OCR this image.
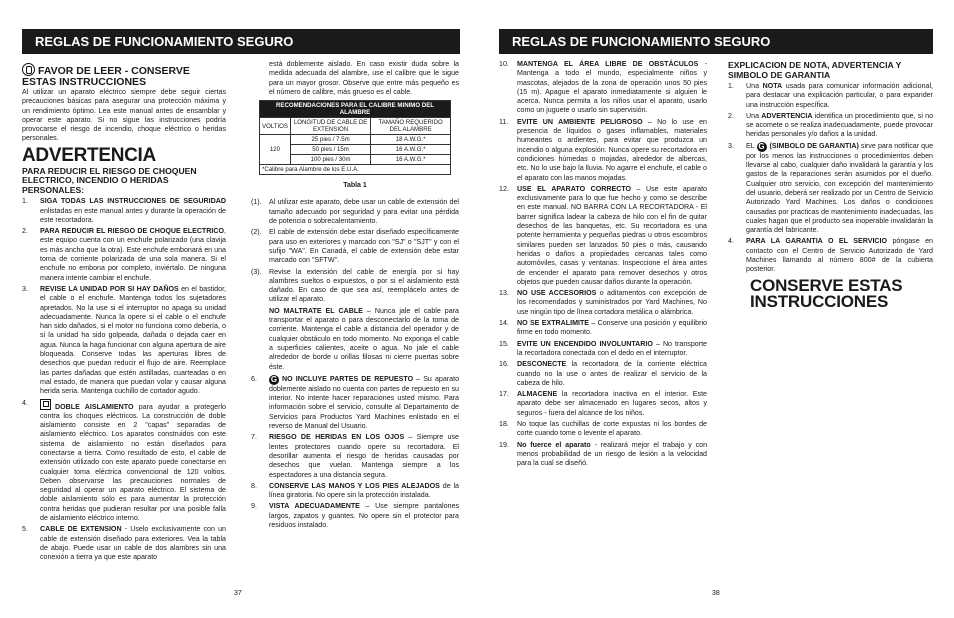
REGLAS DE FUNCIONAMIENTO SEGURO
FAVOR DE LEER - CONSERVE ESTAS INSTRUCCIONES

Al utilizar un aparato eléctrico siempre debe seguir ciertas precauciones básicas para asegurar una protección máxima y un rendimiento óptimo. Lea este manual antes de ensamblar y operar este aparato. Si no sigue las instrucciones podría provocarse el riesgo de incendio, choque eléctrico o heridas personales.

ADVERTENCIA
PARA REDUCIR EL RIESGO DE CHOQUEN ELECTRICO, INCENDIO O HERIDAS PERSONALES:
1.	SIGA TODAS LAS INSTRUCCIONES DE SEGURIDAD enlistadas en este manual antes y durante la operación de este recortadora.
2.	PARA REDUCIR EL RIESGO DE CHOQUE ELECTRICO, este equipo cuenta con un enchufe polarizado (una clavija es más ancha que la otra). Este enchufe embonará en una toma de corriente polarizada de una sola manera. Si el enchufe no embona por completo, inviértalo. De ninguna manera intente cambiar el enchufe.
3.	REVISE LA UNIDAD POR SI HAY DAÑOS en el bastidor, el cable o el enchufe. Mantenga todos los sujetadores apretados. No la use si el interruptor no apaga su unidad adecuadamente. Nunca la opere si el cable o el enchufe han sido dañados, si el motor no funciona como debería, o si la unidad ha sido golpeada, dañada o dejada caer en agua. Nunca la haga funcionar con alguna apertura de aire bloqueada. Conserve todas las aperturas libres de desechos que puedan reducir el flujo de aire. Reemplace las partes dañadas que estén astilladas, cuarteadas o en mal estado, de manera que puedan volar y causar alguna herida seria. Mantenga cuchillo de cortador agudo.
4.	DOBLE AISLAMIENTO para ayudar a protegerlo contra los choques eléctricos. La construcción de doble aislamiento consiste en 2 "capas" separadas de aislamiento eléctrico. Los aparatos construidos con este sistema de aislamiento no están diseñados para conectarse a tierra. Como resultado de esto, el cable de extensión utilizado con este aparato puede conectarse en cualquier toma eléctrica convencional de 120 voltios. Deben observarse las precauciones normales de seguridad al operar un aparato eléctrico. El sistema de doble aislamiento sólo es para aumentar la protección contra heridas que pudieran resultar por una posible falla de aislamiento eléctrico interno.
5.	CABLE DE EXTENSION - Uselo exclusivamente con un cable de extensión diseñado para exteriores. Vea la tabla de abajo. Puede usar un cable de dos alambres sin una conexión a tierra ya que este aparato

está doblemente aislado. En caso existir duda sobre la medida adecuada del alambre, use el calibre que le sigue para un mayor grosor. Observe que entre más pequeño es el número de calibre, más grueso es el cable.

RECOMENDACIONES PARA EL CALIBRE MINIMO DEL ALAMBRE		
VOLTIOS	LONGITUD DE CABLE DE EXTENSION	TAMAÑO REQUERIDO DEL ALAMBRE
120	25 pies / 7.5m	18 A.W.G.*
	50 pies / 15m	16 A.W.G.*
	100 pies / 30m	16 A.W.G.*
*Calibre para Alambre de los E.U.A.		
Tabla 1
(1).	Al utilizar este aparato, debe usar un cable de extensión del tamaño adecuado por seguridad y para evitar una pérdida de potencia o sobrecalentamiento.
(2).	El cable de extensión debe estar diseñado específicamente para uso en exteriores y marcado con "SJ" o "SJT" y con el sufijo "WA". En Canadá, el cable de extensión debe estar marcado con "SFTW".
(3).	Revise la extensión del cable de energía por si hay alambres sueltos o expuestos, o por si el aislamiento está dañado. En caso de que sea así, reemplácelo antes de utilizar el aparato.

NO MALTRATE EL CABLE – Nunca jale el cable para transportar el aparato o para desconectarlo de la toma de corriente. Mantenga el cable a distancia del operador y de cualquier obstáculo en todo momento. No exponga el cable a superficies calientes, aceite o agua. No jale el cable alrededor de borde u orillas filosas ni cierre puertas sobre éste.

6.	G NO INCLUYE PARTES DE REPUESTO – Su aparato doblemente aislado no cuenta con partes de repuesto en su interior. No intente hacer reparaciones usted mismo. Para información sobre el servicio, consulte al Departamento de Servicios para Productos Yard Machines enlistado en el reverso de Manual del Usuario.
7.	RIESGO DE HERIDAS EN LOS OJOS – Siempre use lentes protectores cuando opere su recortadora. El desorillar aumenta el riesgo de heridas causadas por desechos que vuelan. Mantenga siempre a los espectadores a una distancia segura.
8.	CONSERVE LAS MANOS Y LOS PIES ALEJADOS de la línea giratoria. No opere sin la protección instalada.
9.	VISTA ADECUADAMENTE – Use siempre pantalones largos, zapatos y guantes. No opere sin el protector para residuos instalado.
37
REGLAS DE FUNCIONAMIENTO SEGURO
10.	MANTENGA EL ÁREA LIBRE DE OBSTÁCULOS - Mantenga a todo el mundo, especialmente niños y mascotas, alejados de la zona de operación unos 50 pies (15 m). Apague el aparato inmediatamente si alguien le acerca. Nunca permita a los niños usar el aparato, usarlo como un juguete o usarlo sin supervisión.
11.	EVITE UN AMBIENTE PELIGROSO – No lo use en presencia de líquidos o gases inflamables, materiales humeantes o ardientes, para evitar que produzca un incendio o alguna explosión. Nunca opere su recortadora en condiciones húmedas o mojadas, alrededor de albercas, etc. No lo use bajo la lluvia. No agarre el enchufe, el cable o el aparato con las manos mojadas.
12.	USE EL APARATO CORRECTO – Use este aparato exclusivamente para lo que fue hecho y como se describe en este manual. NO BARRA CON LA RECORTADORA - El barrer significa ladear la cabeza de hilo con el fin de quitar desechos de las banquetas, etc. Su recortadora es una potente herramienta y pequeñas piedras u otros escombros similares pueden ser lanzados 50 pies o más, causando heridas o daños a propiedades cercanas tales como automóviles, casas y ventanas. Inspeccione el área antes de encender el aparato para remover desechos y otros objetos que pueden causar daños durante la operación.
13.	NO USE ACCESORIOS o aditamentos con excepción de los recomendados y suministrados por Yard Machines, No use ningún tipo de línea cortadora metálica o alámbrica.
14.	NO SE EXTRALIMITE – Conserve una posición y equilibrio firme en todo momento.
15.	EVITE UN ENCENDIDO INVOLUNTARIO – No transporte la recortadora conectada con el dedo en el interruptor.
16.	DESCONECTE la recortadora de la corriente eléctrica cuando no la use o antes de realizar el servicio de la cabeza de hilo.
17.	ALMACENE la recortadora inactiva en el interior. Este aparato debe ser almacenado en lugares secos, altos y seguros - fuera del alcance de los niños.
18.	No toque las cuchillas de corte expustas ni los bordes de corte cuando tome o levente el aparato.
19.	No fuerce el aparato - realizará mejor el trabajo y con menos probabilidad de un riesgo de lesión a la velocidad para la cual se diseñó.
EXPLICACION DE NOTA, ADVERTENCIA Y SIMBOLO DE GARANTIA
1.	Una NOTA usada para comunicar información adicional, para destacar una explicación particular, o para expander una instrucción específica.
2.	Una ADVERTENCIA identifica un procedimiento que, si no se acomete o se realiza inadecuadamente, puede provocar heridas personales y/o daños a la unidad.
3.	EL G (SIMBOLO DE GARANTIA) sirve para notificar que por los menos las instrucciones o procedimientos deben llevarse al cabo, cualquier daño invalidará la garantía y los gastos de la reparaciones serán asumidos por el dueño. Cualquier otro servicio, con excepción del mantenimiento del usuario, deberá ser realizado por un Centro de Servicio Autorizado Yard Machines. Los daños o condiciones causadas por practicas de mantenimiento inadecuadas, las cuales hagan que el producto sea inoperable invalidarán la garantía del fabricante.
4.	PARA LA GARANTIA O EL SERVICIO póngase en contacto con el Centro de Servicio Autorizado de Yard Machines llamando al número 800# de la cubierta posterior.
CONSERVE ESTAS
INSTRUCCIONES
38
